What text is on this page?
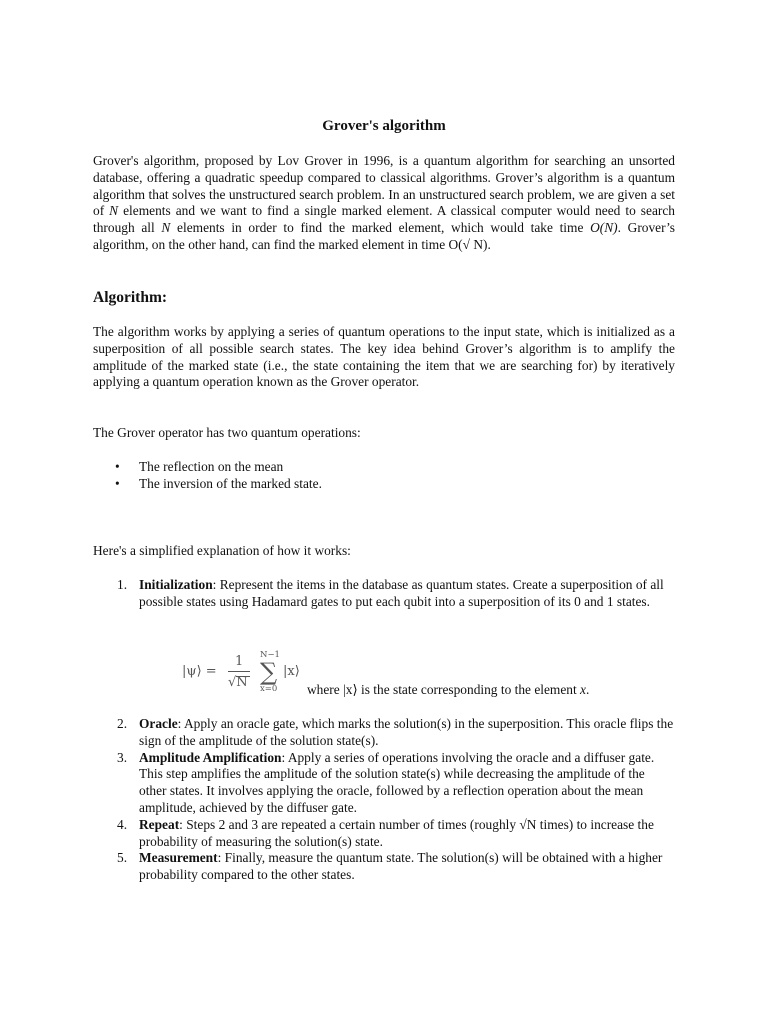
Grover's algorithm

Grover's algorithm, proposed by Lov Grover in 1996, is a quantum algorithm for searching an unsorted database, offering a quadratic speedup compared to classical algorithms. Grover’s algorithm is a quantum algorithm that solves the unstructured search problem. In an unstructured search problem, we are given a set of N elements and we want to find a single marked element. A classical computer would need to search through all N elements in order to find the marked element, which would take time O(N). Grover’s algorithm, on the other hand, can find the marked element in time O(√ N).

Algorithm:

The algorithm works by applying a series of quantum operations to the input state, which is initialized as a superposition of all possible search states. The key idea behind Grover’s algorithm is to amplify the amplitude of the marked state (i.e., the state containing the item that we are searching for) by iteratively applying a quantum operation known as the Grover operator.

The Grover operator has two quantum operations:

• The reflection on the mean
• The inversion of the marked state.

Here's a simplified explanation of how it works:

1. Initialization: Represent the items in the database as quantum states. Create a superposition of all possible states using Hadamard gates to put each qubit into a superposition of its 0 and 1 states.
|ψ⟩ =
1
√N
N−1
∑
x=0
|x⟩
where |x⟩ is the state corresponding to the element x.
2. Oracle: Apply an oracle gate, which marks the solution(s) in the superposition. This oracle flips the sign of the amplitude of the solution state(s).
3. Amplitude Amplification: Apply a series of operations involving the oracle and a diffuser gate. This step amplifies the amplitude of the solution state(s) while decreasing the amplitude of the other states. It involves applying the oracle, followed by a reflection operation about the mean amplitude, achieved by the diffuser gate.
4. Repeat: Steps 2 and 3 are repeated a certain number of times (roughly √N times) to increase the probability of measuring the solution(s) state.
5. Measurement: Finally, measure the quantum state. The solution(s) will be obtained with a higher probability compared to the other states.
